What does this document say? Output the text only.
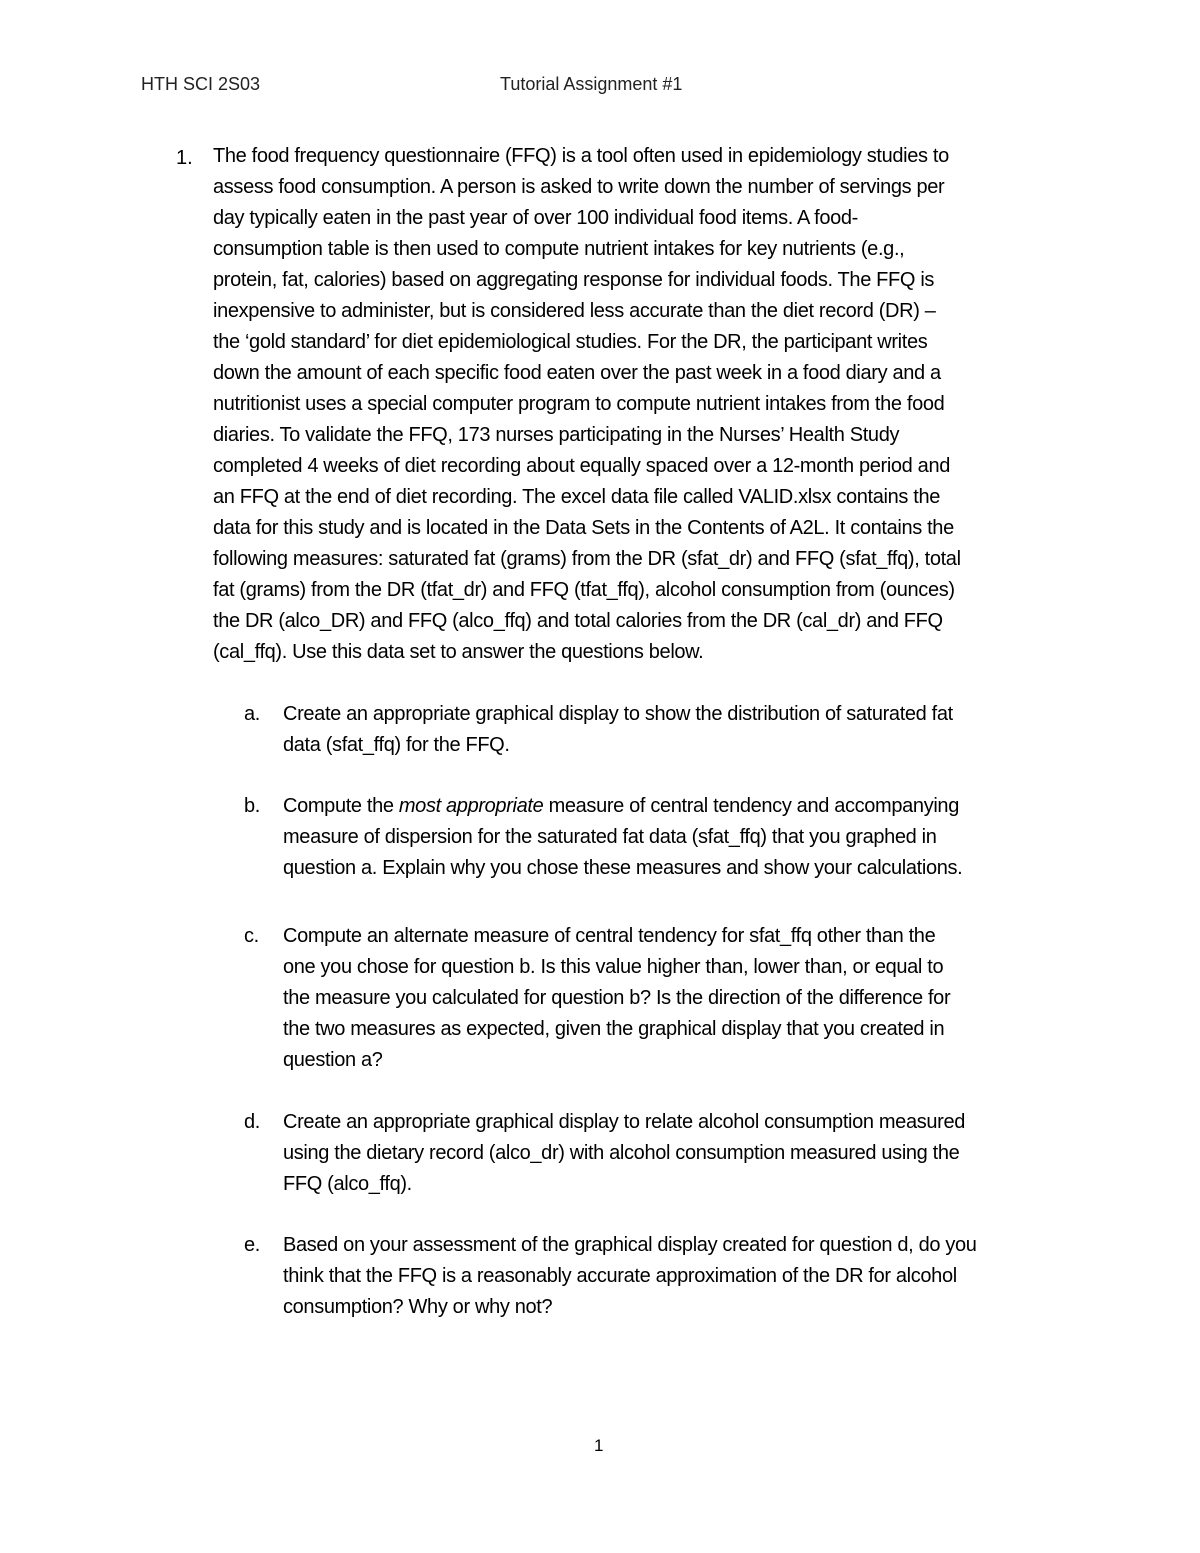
HTH SCI 2S03	Tutorial Assignment #1
1. The food frequency questionnaire (FFQ) is a tool often used in epidemiology studies to
assess food consumption. A person is asked to write down the number of servings per
day typically eaten in the past year of over 100 individual food items. A food-
consumption table is then used to compute nutrient intakes for key nutrients (e.g.,
protein, fat, calories) based on aggregating response for individual foods. The FFQ is
inexpensive to administer, but is considered less accurate than the diet record (DR) –
the ‘gold standard’ for diet epidemiological studies. For the DR, the participant writes
down the amount of each specific food eaten over the past week in a food diary and a
nutritionist uses a special computer program to compute nutrient intakes from the food
diaries. To validate the FFQ, 173 nurses participating in the Nurses’ Health Study
completed 4 weeks of diet recording about equally spaced over a 12-month period and
an FFQ at the end of diet recording. The excel data file called VALID.xlsx contains the
data for this study and is located in the Data Sets in the Contents of A2L. It contains the
following measures: saturated fat (grams) from the DR (sfat_dr) and FFQ (sfat_ffq), total
fat (grams) from the DR (tfat_dr) and FFQ (tfat_ffq), alcohol consumption from (ounces)
the DR (alco_DR) and FFQ (alco_ffq) and total calories from the DR (cal_dr) and FFQ
(cal_ffq). Use this data set to answer the questions below.
a. Create an appropriate graphical display to show the distribution of saturated fat
data (sfat_ffq) for the FFQ.
b. Compute the most appropriate measure of central tendency and accompanying
measure of dispersion for the saturated fat data (sfat_ffq) that you graphed in
question a. Explain why you chose these measures and show your calculations.
c. Compute an alternate measure of central tendency for sfat_ffq other than the
one you chose for question b. Is this value higher than, lower than, or equal to
the measure you calculated for question b? Is the direction of the difference for
the two measures as expected, given the graphical display that you created in
question a?
d. Create an appropriate graphical display to relate alcohol consumption measured
using the dietary record (alco_dr) with alcohol consumption measured using the
FFQ (alco_ffq).
e. Based on your assessment of the graphical display created for question d, do you
think that the FFQ is a reasonably accurate approximation of the DR for alcohol
consumption? Why or why not?
1
